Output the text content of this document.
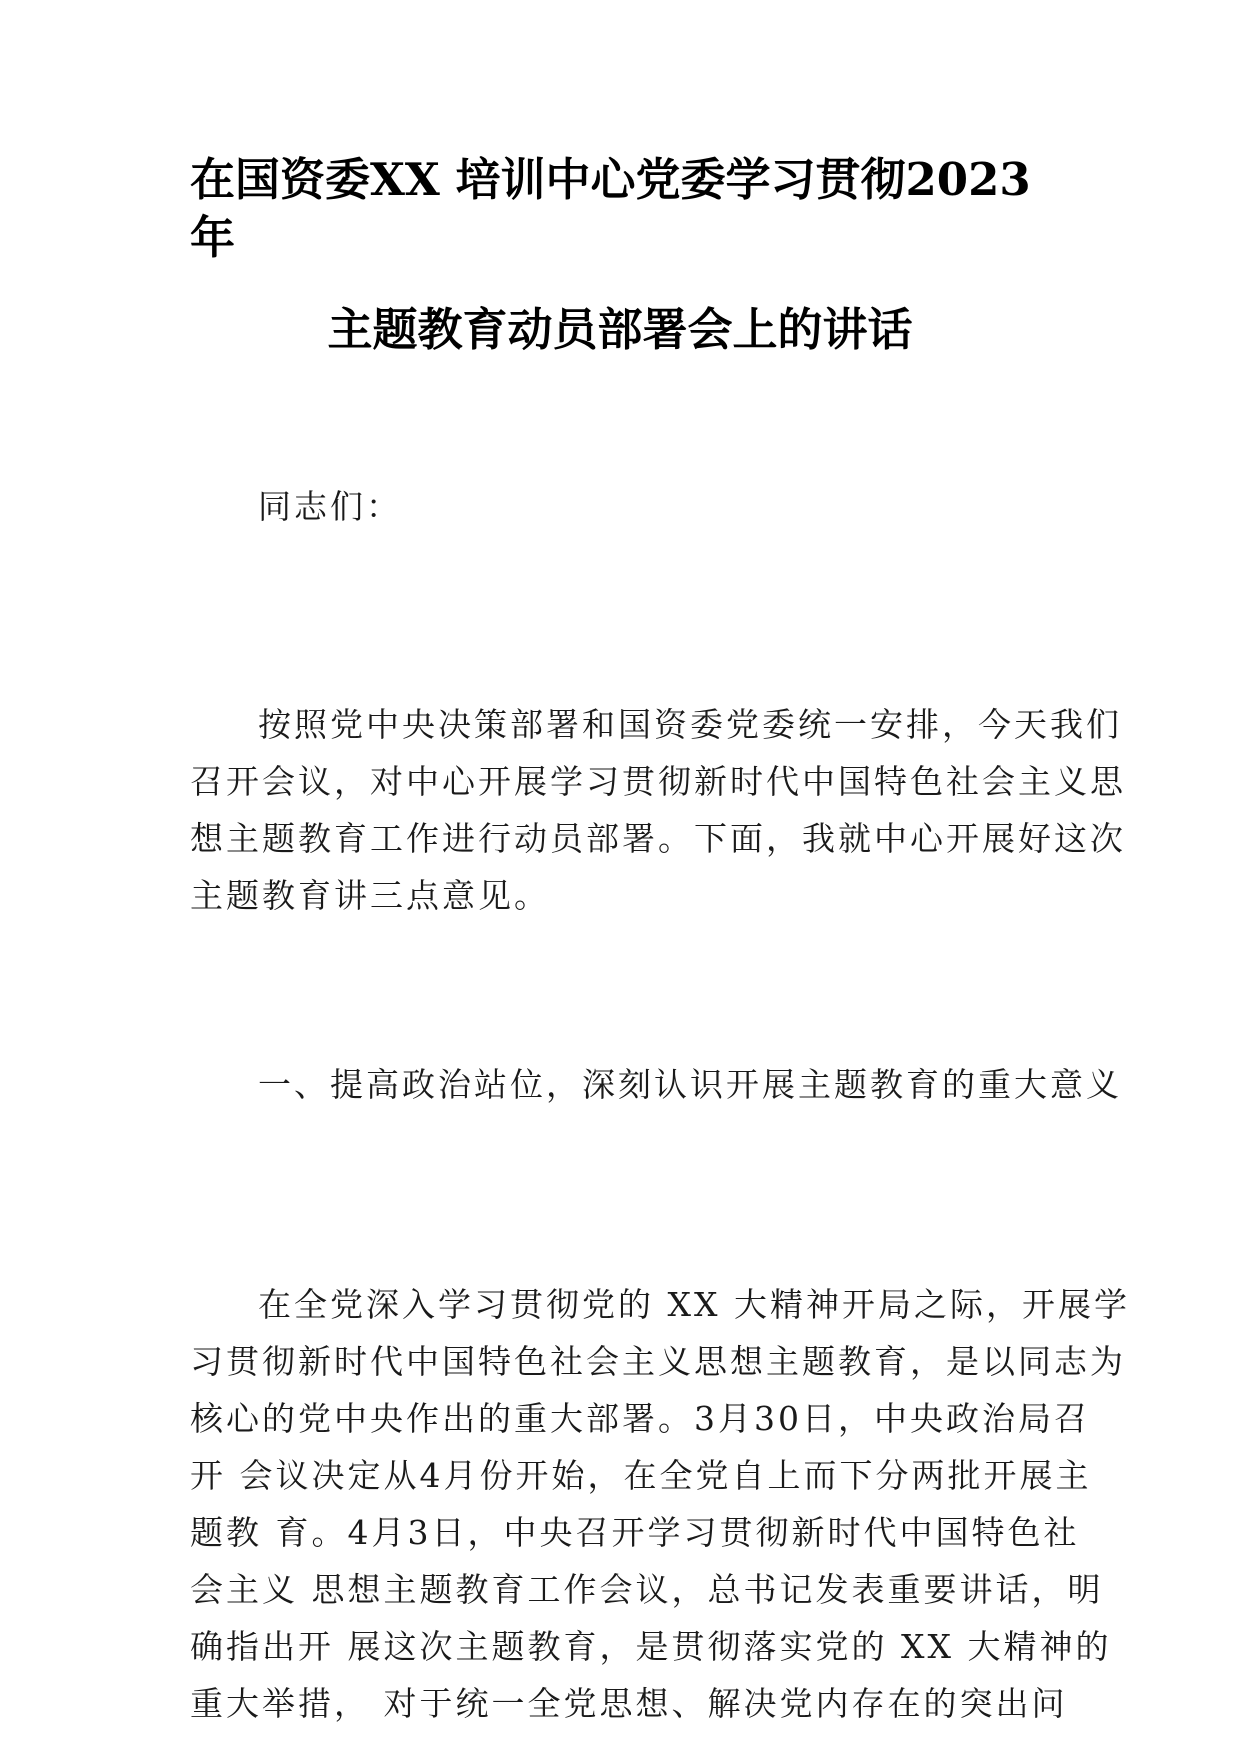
在国资委XX 培训中心党委学习贯彻2023
年
主题教育动员部署会上的讲话
同志们：
按照党中央决策部署和国资委党委统一安排，今天我们
召开会议，对中心开展学习贯彻新时代中国特色社会主义思
想主题教育工作进行动员部署。下面，我就中心开展好这次
主题教育讲三点意见。
一、提高政治站位，深刻认识开展主题教育的重大意义
在全党深入学习贯彻党的 XX 大精神开局之际，开展学
习贯彻新时代中国特色社会主义思想主题教育，是以同志为
核心的党中央作出的重大部署。3月30日，中央政治局召
开 会议决定从4月份开始，在全党自上而下分两批开展主
题教 育。4月3日，中央召开学习贯彻新时代中国特色社
会主义 思想主题教育工作会议，总书记发表重要讲话，明
确指出开 展这次主题教育，是贯彻落实党的 XX 大精神的
重大举措， 对于统一全党思想、解决党内存在的突出问
